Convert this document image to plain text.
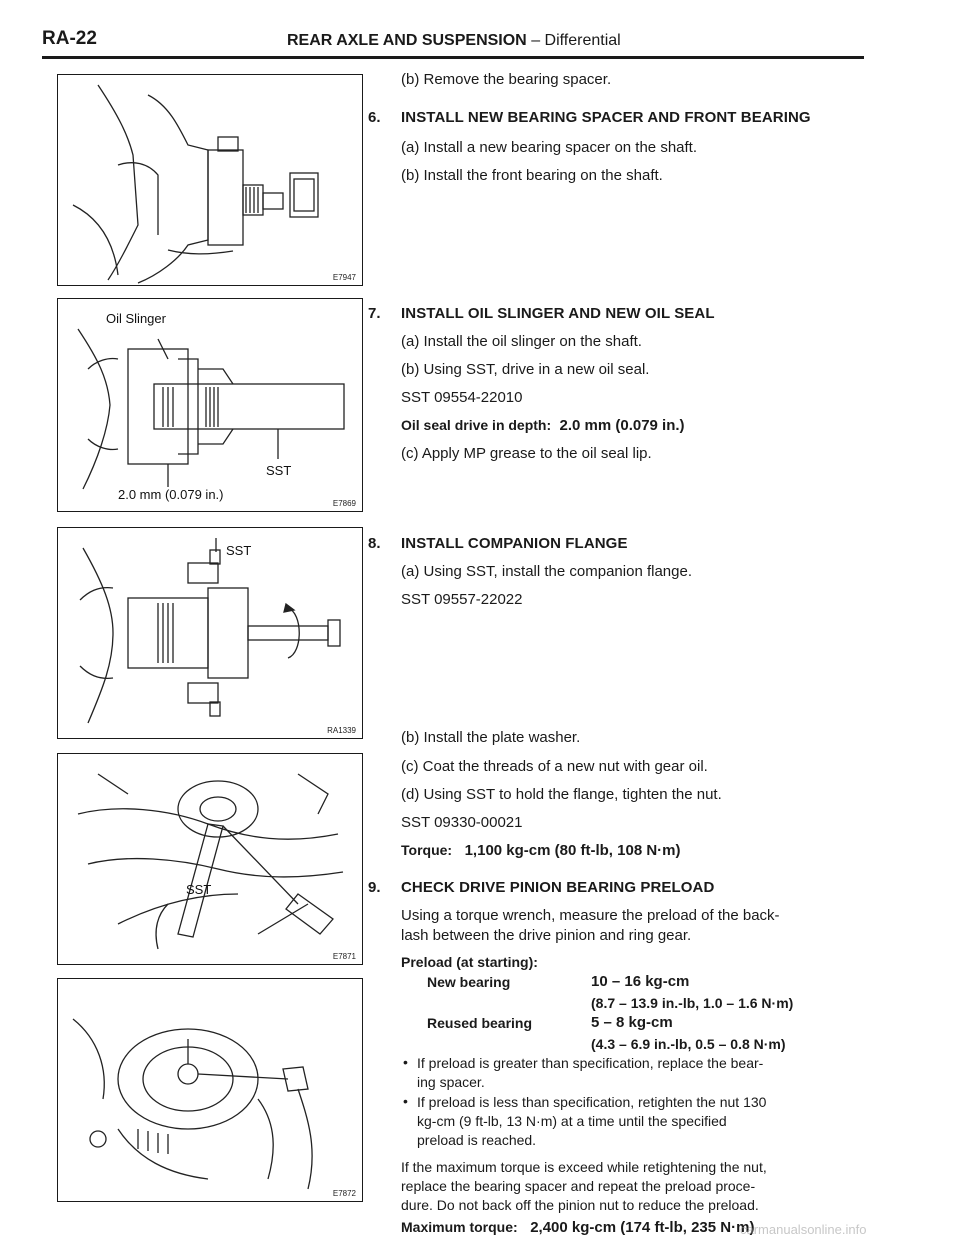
RA-22	REAR AXLE AND SUSPENSION – Differential
E7947
Oil Slinger
SST
2.0 mm (0.079 in.)
E7869
SST
RA1339
SST
E7871
E7872
(b) Remove the bearing spacer.
6. INSTALL NEW BEARING SPACER AND FRONT BEARING
(a) Install a new bearing spacer on the shaft.
(b) Install the front bearing on the shaft.
7. INSTALL OIL SLINGER AND NEW OIL SEAL
(a) Install the oil slinger on the shaft.
(b) Using SST, drive in a new oil seal.
SST 09554-22010
Oil seal drive in depth: 2.0 mm (0.079 in.)
(c) Apply MP grease to the oil seal lip.
8. INSTALL COMPANION FLANGE
(a) Using SST, install the companion flange.
SST 09557-22022
(b) Install the plate washer.
(c) Coat the threads of a new nut with gear oil.
(d) Using SST to hold the flange, tighten the nut.
SST 09330-00021
Torque: 1,100 kg-cm (80 ft-lb, 108 N·m)
9. CHECK DRIVE PINION BEARING PRELOAD
Using a torque wrench, measure the preload of the back-
lash between the drive pinion and ring gear.
Preload (at starting):
New bearing	10 – 16 kg-cm
(8.7 – 13.9 in.-lb, 1.0 – 1.6 N·m)
Reused bearing	5 – 8 kg-cm
(4.3 – 6.9 in.-lb, 0.5 – 0.8 N·m)
• If preload is greater than specification, replace the bear-
ing spacer.
• If preload is less than specification, retighten the nut 130
kg-cm (9 ft-lb, 13 N·m) at a time until the specified
preload is reached.
If the maximum torque is exceed while retightening the nut,
replace the bearing spacer and repeat the preload proce-
dure. Do not back off the pinion nut to reduce the preload.
Maximum torque: 2,400 kg-cm (174 ft-lb, 235 N·m)
carmanualsonline.info
